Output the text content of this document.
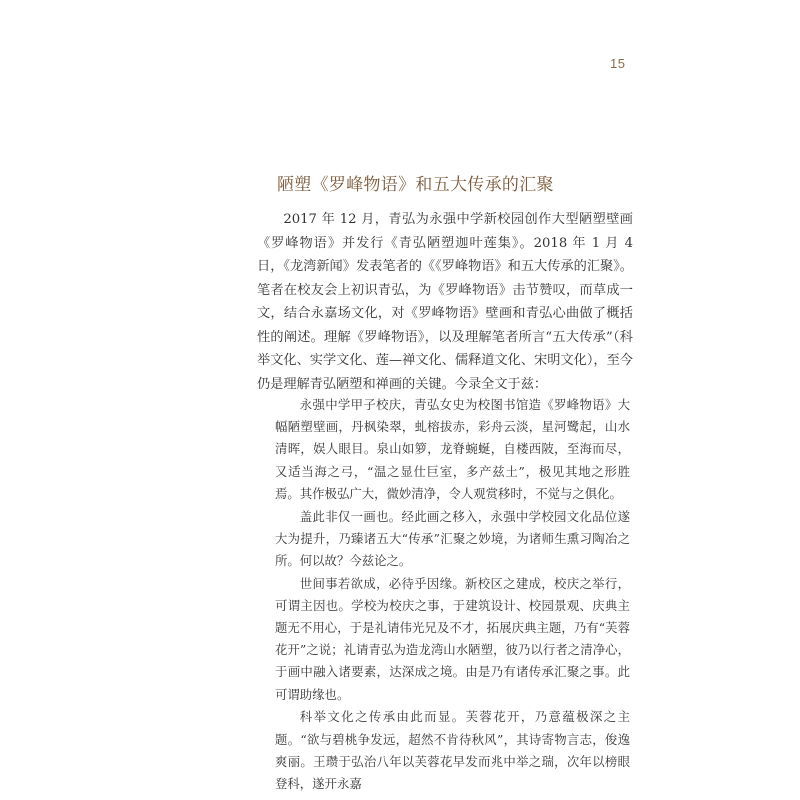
15
陋塑《罗峰物语》和五大传承的汇聚

2017 年 12 月，青弘为永强中学新校园创作大型陋塑壁画《罗峰物语》并发行《青弘陋塑迦叶莲集》。2018 年 1 月 4 日，《龙湾新闻》发表笔者的《《罗峰物语》和五大传承的汇聚》。笔者在校友会上初识青弘，为《罗峰物语》击节赞叹，而草成一文，结合永嘉场文化，对《罗峰物语》壁画和青弘心曲做了概括性的阐述。理解《罗峰物语》，以及理解笔者所言“五大传承”（科举文化、实学文化、莲—禅文化、儒释道文化、宋明文化），至今仍是理解青弘陋塑和禅画的关键。今录全文于兹：

永强中学甲子校庆，青弘女史为校图书馆造《罗峰物语》大幅陋塑壁画，丹枫染翠，虬榕拔赤，彩舟云淡，星河鹭起，山水清晖，娱人眼目。泉山如箩，龙脊蜿蜒，自楼西陂，至海而尽，又适当海之弓，“温之显仕巨室，多产兹土”，极见其地之形胜焉。其作极弘广大，微妙清净，令人观赏移时，不觉与之俱化。

盖此非仅一画也。经此画之移入，永强中学校园文化品位遂大为提升，乃臻诸五大“传承”汇聚之妙境，为诸师生熏习陶冶之所。何以故？今兹论之。

世间事若欲成，必待乎因缘。新校区之建成，校庆之举行，可谓主因也。学校为校庆之事，于建筑设计、校园景观、庆典主题无不用心，于是礼请伟光兄及不才，拓展庆典主题，乃有“芙蓉花开”之说；礼请青弘为造龙湾山水陋塑，彼乃以行者之清净心，于画中融入诸要素，达深成之境。由是乃有诸传承汇聚之事。此可谓助缘也。

科举文化之传承由此而显。芙蓉花开，乃意蕴极深之主题。“欲与碧桃争发远，超然不肯待秋风”，其诗寄物言志，俊逸爽丽。王瓒于弘治八年以芙蓉花早发而兆中举之瑞，次年以榜眼登科，遂开永嘉
